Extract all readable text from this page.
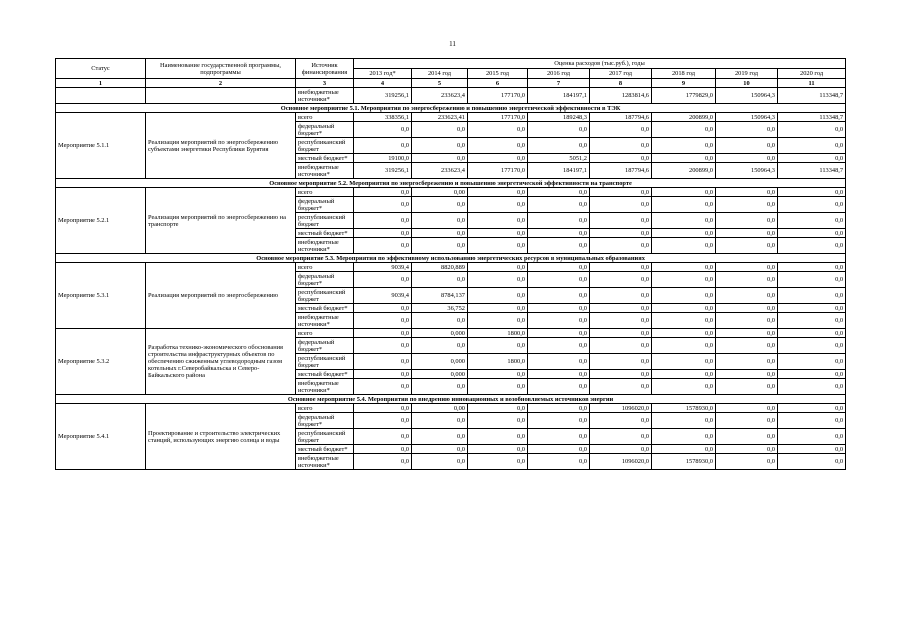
11
Статус	Наименование государственной программы, подпрограммы	Источник финансирования	Оценка расходов (тыс.руб.), годы							
			2013 год*	2014 год	2015 год	2016 год	2017 год	2018 год	2019 год	2020 год
1	2	3	4	5	6	7	8	9	10	11
		внебюджетные источники*	319256,1	233623,4	177170,0	184197,1	1283814,6	1779829,0	150964,3	113348,7
Основное мероприятие 5.1. Мероприятия по энергосбережению и повышению энергетической эффективности в ТЭК										
Мероприятие 5.1.1	Реализация мероприятий по энергосбережению субъектами энергетики Республики Бурятия	всего	338356,1	233623,41	177170,0	189248,3	187794,6	200899,0	150964,3	113348,7
		федеральный бюджет*	0,0	0,0	0,0	0,0	0,0	0,0	0,0	0,0
		республиканский бюджет	0,0	0,0	0,0	0,0	0,0	0,0	0,0	0,0
		местный бюджет*	19100,0	0,0	0,0	5051,2	0,0	0,0	0,0	0,0
		внебюджетные источники*	319256,1	233623,4	177170,0	184197,1	187794,6	200899,0	150964,3	113348,7
Основное мероприятие 5.2. Мероприятия по энергосбережению и повышению энергетической эффективности на транспорте										
Мероприятие 5.2.1	Реализация мероприятий по энергосбережению на транспорте	всего	0,0	0,00	0,0	0,0	0,0	0,0	0,0	0,0
		федеральный бюджет*	0,0	0,0	0,0	0,0	0,0	0,0	0,0	0,0
		республиканский бюджет	0,0	0,0	0,0	0,0	0,0	0,0	0,0	0,0
		местный бюджет*	0,0	0,0	0,0	0,0	0,0	0,0	0,0	0,0
		внебюджетные источники*	0,0	0,0	0,0	0,0	0,0	0,0	0,0	0,0
Основное мероприятие 5.3. Мероприятия по эффективному использованию энергетических ресурсов в муниципальных образованиях										
Мероприятие 5.3.1	Реализация мероприятий по энергосбережению	всего	9039,4	8820,889	0,0	0,0	0,0	0,0	0,0	0,0
		федеральный бюджет*	0,0	0,0	0,0	0,0	0,0	0,0	0,0	0,0
		республиканский бюджет	9039,4	8784,137	0,0	0,0	0,0	0,0	0,0	0,0
		местный бюджет*	0,0	36,752	0,0	0,0	0,0	0,0	0,0	0,0
		внебюджетные источники*	0,0	0,0	0,0	0,0	0,0	0,0	0,0	0,0
Мероприятие 5.3.2	Разработка технико-экономического обоснования строительства инфраструктурных объектов по обеспечению сжиженным углеводородным газом котельных г.Северобайкальска и Северо-Байкальского района	всего	0,0	0,000	1800,0	0,0	0,0	0,0	0,0	0,0
		федеральный бюджет*	0,0	0,0	0,0	0,0	0,0	0,0	0,0	0,0
		республиканский бюджет	0,0	0,000	1800,0	0,0	0,0	0,0	0,0	0,0
		местный бюджет*	0,0	0,000	0,0	0,0	0,0	0,0	0,0	0,0
		внебюджетные источники*	0,0	0,0	0,0	0,0	0,0	0,0	0,0	0,0
Основное мероприятие 5.4. Мероприятия по внедрению инновационных и возобновляемых источников энергии										
Мероприятие 5.4.1	Проектирование и строительство электрических станций, использующих энергию солнца и воды	всего	0,0	0,00	0,0	0,0	1096020,0	1578930,0	0,0	0,0
		федеральный бюджет*	0,0	0,0	0,0	0,0	0,0	0,0	0,0	0,0
		республиканский бюджет	0,0	0,0	0,0	0,0	0,0	0,0	0,0	0,0
		местный бюджет*	0,0	0,0	0,0	0,0	0,0	0,0	0,0	0,0
		внебюджетные источники*	0,0	0,0	0,0	0,0	1096020,0	1578930,0	0,0	0,0
